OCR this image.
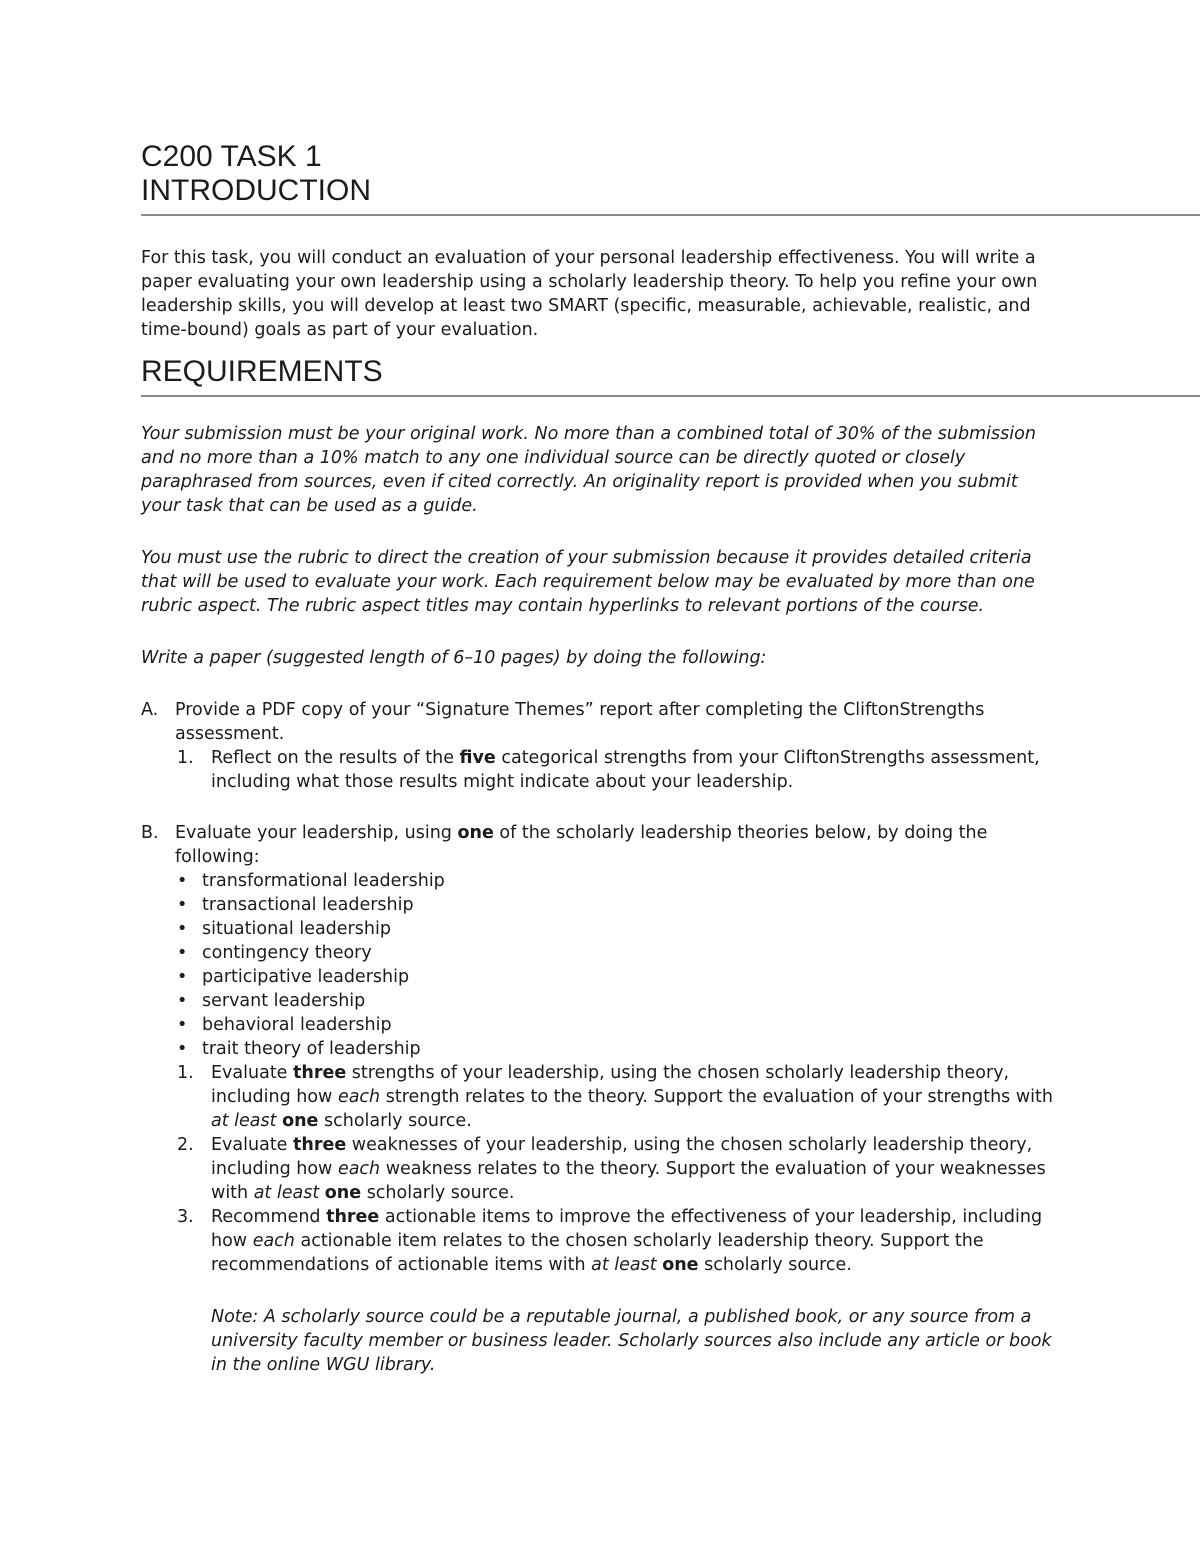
C200 TASK 1
INTRODUCTION

For this task, you will conduct an evaluation of your personal leadership effectiveness. You will write a paper evaluating your own leadership using a scholarly leadership theory. To help you refine your own leadership skills, you will develop at least two SMART (specific, measurable, achievable, realistic, and time-bound) goals as part of your evaluation.

REQUIREMENTS

Your submission must be your original work. No more than a combined total of 30% of the submission and no more than a 10% match to any one individual source can be directly quoted or closely paraphrased from sources, even if cited correctly. An originality report is provided when you submit your task that can be used as a guide.

You must use the rubric to direct the creation of your submission because it provides detailed criteria that will be used to evaluate your work. Each requirement below may be evaluated by more than one rubric aspect. The rubric aspect titles may contain hyperlinks to relevant portions of the course.

Write a paper (suggested length of 6–10 pages) by doing the following:

A. Provide a PDF copy of your “Signature Themes” report after completing the CliftonStrengths assessment.
1. Reflect on the results of the five categorical strengths from your CliftonStrengths assessment, including what those results might indicate about your leadership.
B. Evaluate your leadership, using one of the scholarly leadership theories below, by doing the following:
• transformational leadership
• transactional leadership
• situational leadership
• contingency theory
• participative leadership
• servant leadership
• behavioral leadership
• trait theory of leadership
1. Evaluate three strengths of your leadership, using the chosen scholarly leadership theory, including how each strength relates to the theory. Support the evaluation of your strengths with at least one scholarly source.
2. Evaluate three weaknesses of your leadership, using the chosen scholarly leadership theory, including how each weakness relates to the theory. Support the evaluation of your weaknesses with at least one scholarly source.
3. Recommend three actionable items to improve the effectiveness of your leadership, including how each actionable item relates to the chosen scholarly leadership theory. Support the recommendations of actionable items with at least one scholarly source.

Note: A scholarly source could be a reputable journal, a published book, or any source from a university faculty member or business leader. Scholarly sources also include any article or book in the online WGU library.
